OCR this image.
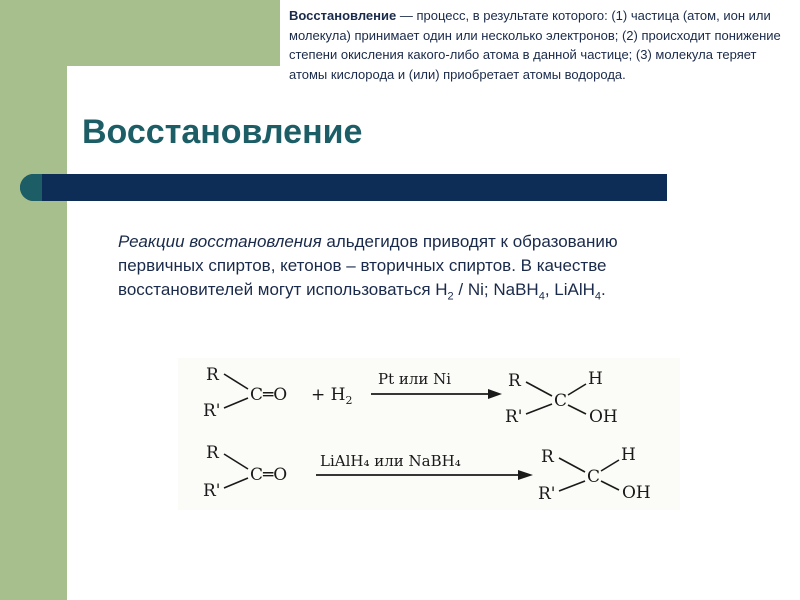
Восстановление — процесс, в результате которого: (1) частица (атом, ион или молекула) принимает один или несколько электронов; (2) происходит понижение степени окисления какого-либо атома в данной частице; (3) молекула теряет атомы кислорода и (или) приобретает атомы водорода.
Восстановление

Реакции восстановления альдегидов приводят к образованию первичных спиртов, кетонов – вторичных спиртов. В качестве восстановителей могут использоваться $H_2$ / Ni; NaBH$_4$, LiAlH$_4$.

R
R'
C═O + $H_2$
Pt или Ni	R
R'
C
H
OH
R
R'
C═O
LiAlH₄ или NaBH₄	R
R'
C
H
OH
